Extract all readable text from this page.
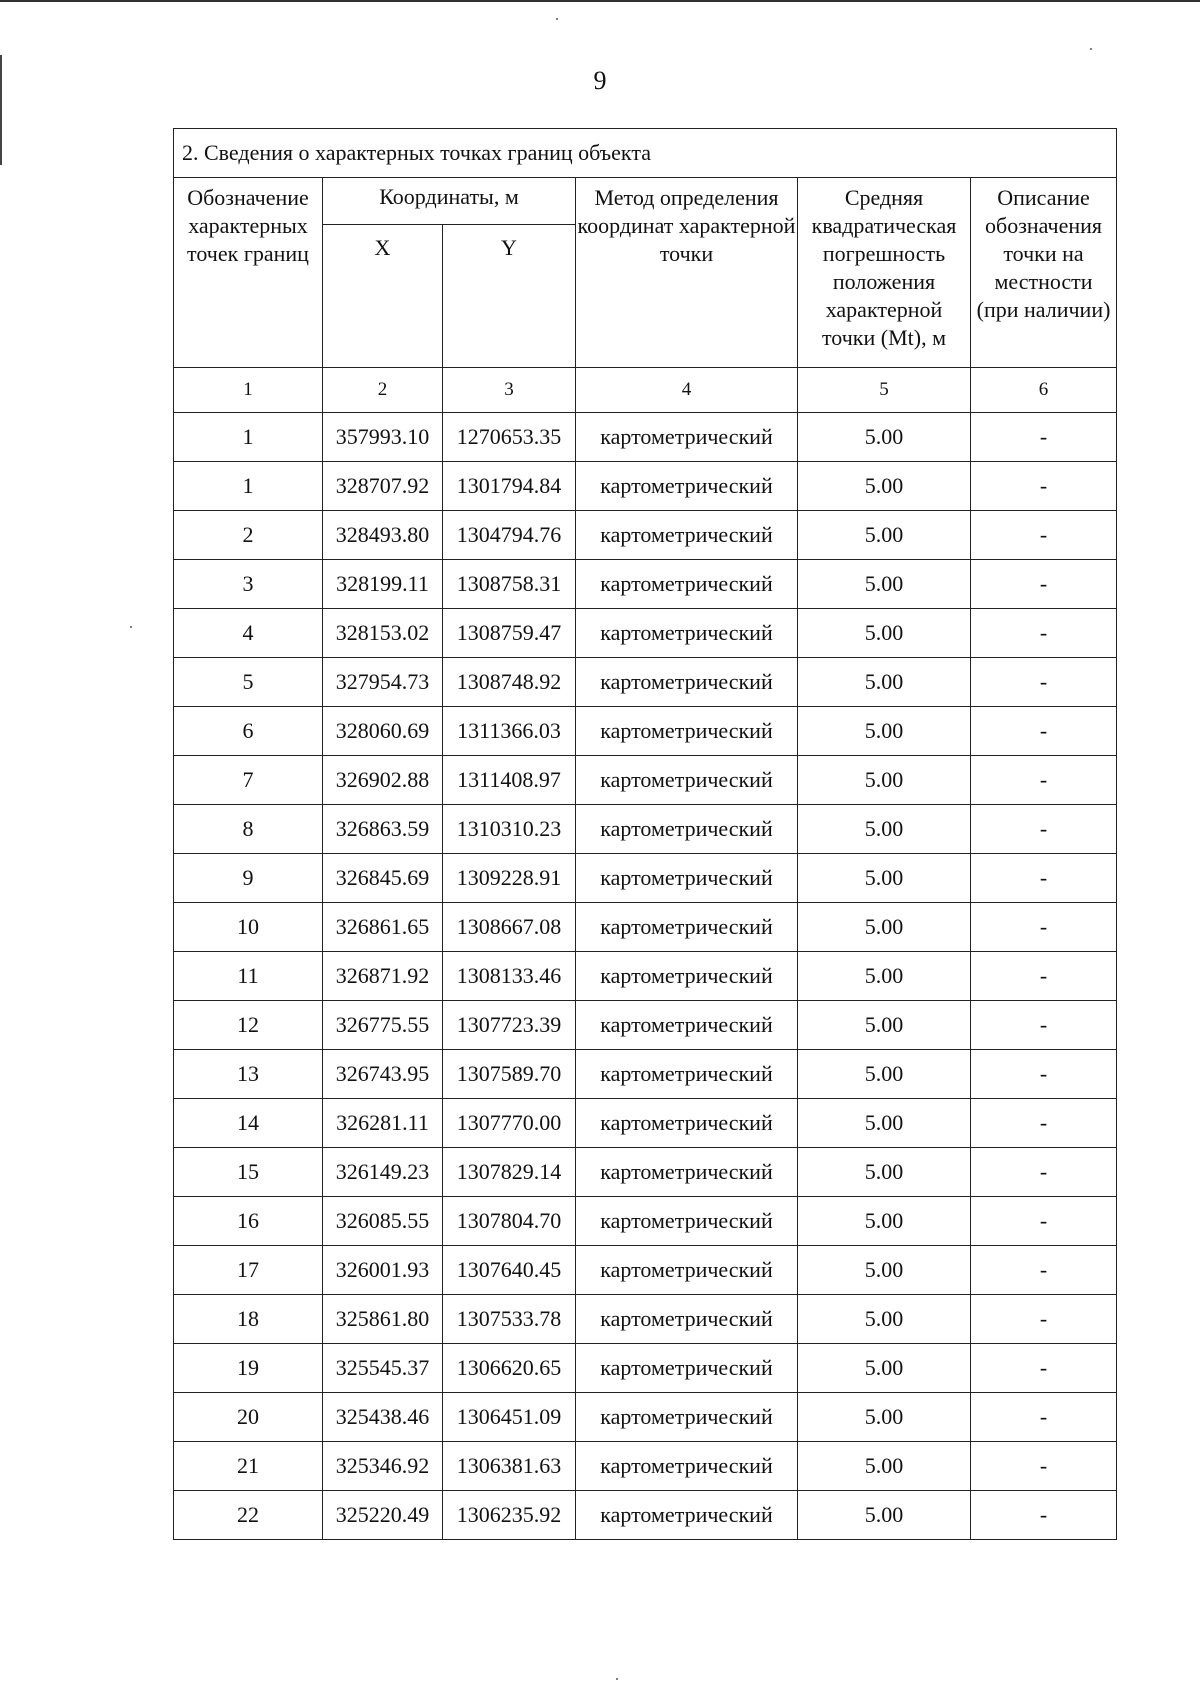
9
2. Сведения о характерных точках границ объекта					
Обозначение характерных точек границ	Координаты, м		Метод определения координат характерной точки	Средняя квадратическая погрешность положения характерной точки (Mt), м	Описание обозначения точки на местности (при наличии)
	X	Y			
1	2	3	4	5	6
1	357993.10	1270653.35	картометрический	5.00	-
1	328707.92	1301794.84	картометрический	5.00	-
2	328493.80	1304794.76	картометрический	5.00	-
3	328199.11	1308758.31	картометрический	5.00	-
4	328153.02	1308759.47	картометрический	5.00	-
5	327954.73	1308748.92	картометрический	5.00	-
6	328060.69	1311366.03	картометрический	5.00	-
7	326902.88	1311408.97	картометрический	5.00	-
8	326863.59	1310310.23	картометрический	5.00	-
9	326845.69	1309228.91	картометрический	5.00	-
10	326861.65	1308667.08	картометрический	5.00	-
11	326871.92	1308133.46	картометрический	5.00	-
12	326775.55	1307723.39	картометрический	5.00	-
13	326743.95	1307589.70	картометрический	5.00	-
14	326281.11	1307770.00	картометрический	5.00	-
15	326149.23	1307829.14	картометрический	5.00	-
16	326085.55	1307804.70	картометрический	5.00	-
17	326001.93	1307640.45	картометрический	5.00	-
18	325861.80	1307533.78	картометрический	5.00	-
19	325545.37	1306620.65	картометрический	5.00	-
20	325438.46	1306451.09	картометрический	5.00	-
21	325346.92	1306381.63	картометрический	5.00	-
22	325220.49	1306235.92	картометрический	5.00	-
